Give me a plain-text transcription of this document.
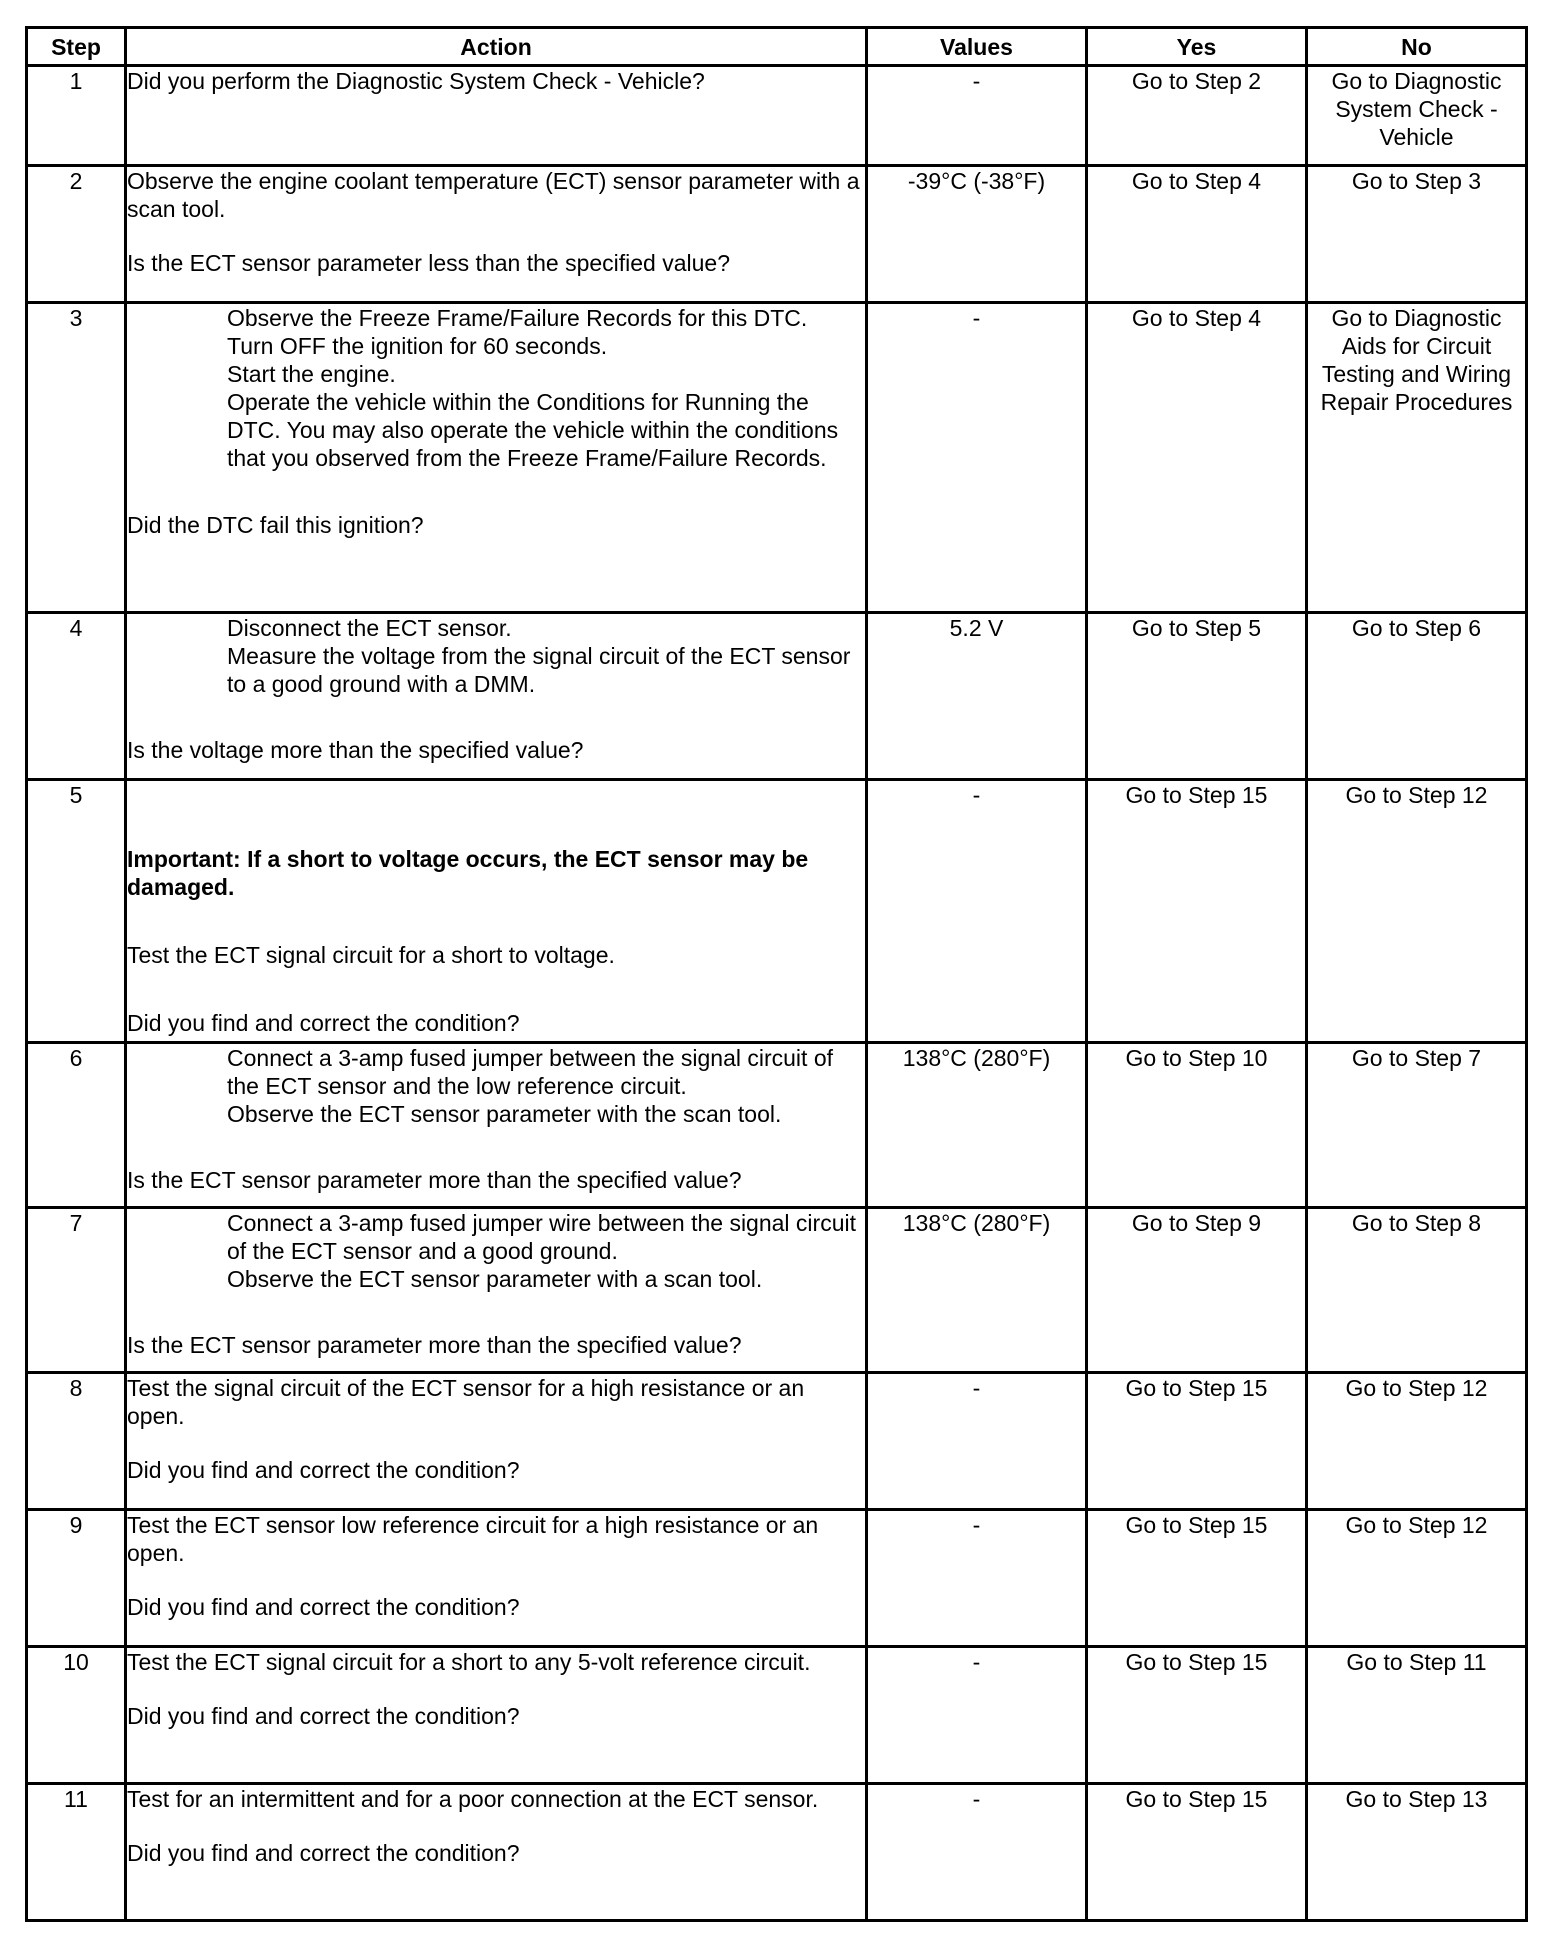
Step	Action	Values	Yes	No
1	Did you perform the Diagnostic System Check - Vehicle?	-	Go to Step 2	Go to Diagnostic System Check - Vehicle
2	Observe the engine coolant temperature (ECT) sensor parameter with a scan tool.
Is the ECT sensor parameter less than the specified value?	-39°C (-38°F)	Go to Step 4	Go to Step 3
3	Observe the Freeze Frame/Failure Records for this DTC.
Turn OFF the ignition for 60 seconds.
Start the engine.
Operate the vehicle within the Conditions for Running the DTC. You may also operate the vehicle within the conditions that you observed from the Freeze Frame/Failure Records.
Did the DTC fail this ignition?	-	Go to Step 4	Go to Diagnostic Aids for Circuit Testing and Wiring Repair Procedures
4	Disconnect the ECT sensor.
Measure the voltage from the signal circuit of the ECT sensor to a good ground with a DMM.
Is the voltage more than the specified value?	5.2 V	Go to Step 5	Go to Step 6
5	Important: If a short to voltage occurs, the ECT sensor may be damaged.
Test the ECT signal circuit for a short to voltage.
Did you find and correct the condition?	-	Go to Step 15	Go to Step 12
6	Connect a 3-amp fused jumper between the signal circuit of the ECT sensor and the low reference circuit.
Observe the ECT sensor parameter with the scan tool.
Is the ECT sensor parameter more than the specified value?	138°C (280°F)	Go to Step 10	Go to Step 7
7	Connect a 3-amp fused jumper wire between the signal circuit of the ECT sensor and a good ground.
Observe the ECT sensor parameter with a scan tool.
Is the ECT sensor parameter more than the specified value?	138°C (280°F)	Go to Step 9	Go to Step 8
8	Test the signal circuit of the ECT sensor for a high resistance or an open.
Did you find and correct the condition?	-	Go to Step 15	Go to Step 12
9	Test the ECT sensor low reference circuit for a high resistance or an open.
Did you find and correct the condition?	-	Go to Step 15	Go to Step 12
10	Test the ECT signal circuit for a short to any 5-volt reference circuit.
Did you find and correct the condition?	-	Go to Step 15	Go to Step 11
11	Test for an intermittent and for a poor connection at the ECT sensor.
Did you find and correct the condition?	-	Go to Step 15	Go to Step 13
